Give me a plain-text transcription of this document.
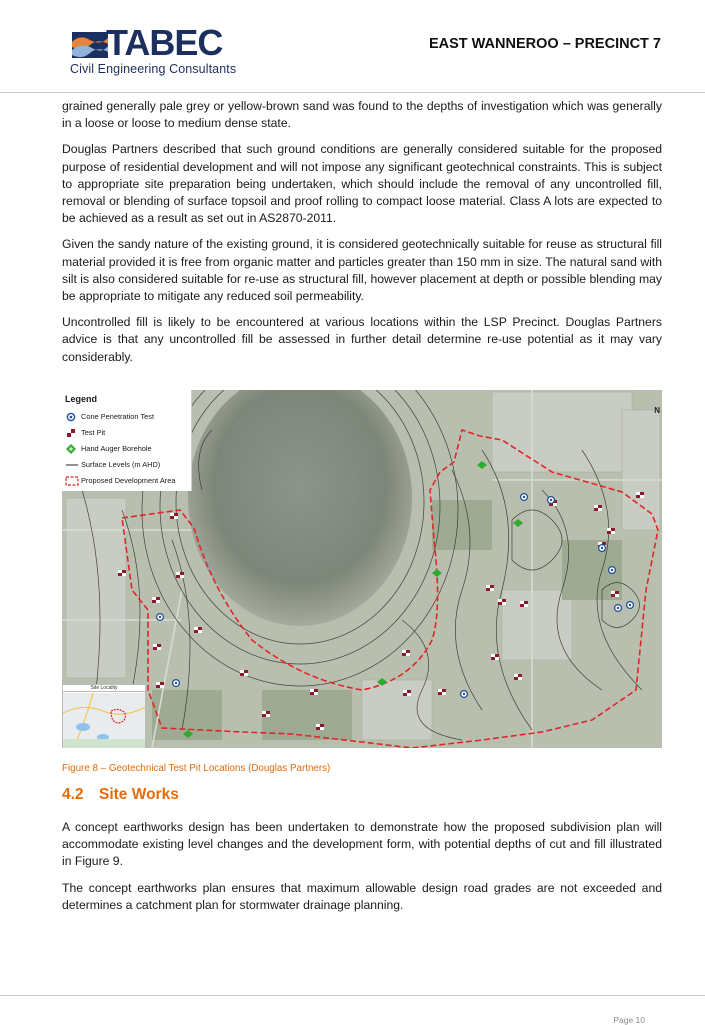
TABEC
Civil Engineering Consultants
EAST WANNEROO – PRECINCT 7

grained generally pale grey or yellow-brown sand was found to the depths of investigation which was generally in a loose or loose to medium dense state.

Douglas Partners described that such ground conditions are generally considered suitable for the proposed purpose of residential development and will not impose any significant geotechnical constraints. This is subject to appropriate site preparation being undertaken, which should include the removal of any uncontrolled fill, removal or blending of surface topsoil and proof rolling to compact loose material. Class A lots are expected to be achieved as a result as set out in AS2870-2011.

Given the sandy nature of the existing ground, it is considered geotechnically suitable for reuse as structural fill material provided it is free from organic matter and particles greater than 150 mm in size. The natural sand with silt is also considered suitable for re-use as structural fill, however placement at depth or possible blending may be appropriate to mitigate any reduced soil permeability.

Uncontrolled fill is likely to be encountered at various locations within the LSP Precinct. Douglas Partners advice is that any uncontrolled fill be assessed in further detail determine re-use potential as it may vary considerably.

Legend
Cone Penetration Test
Test Pit
Hand Auger Borehole
Surface Levels (m AHD)
Proposed Development Area
N
Site Locality
Figure 8 – Geotechnical Test Pit Locations (Douglas Partners)
4.2 Site Works

A concept earthworks design has been undertaken to demonstrate how the proposed subdivision plan will accommodate existing level changes and the development form, with potential depths of cut and fill illustrated in Figure 9.

The concept earthworks plan ensures that maximum allowable design road grades are not exceeded and determines a catchment plan for stormwater drainage planning.

Page 10
